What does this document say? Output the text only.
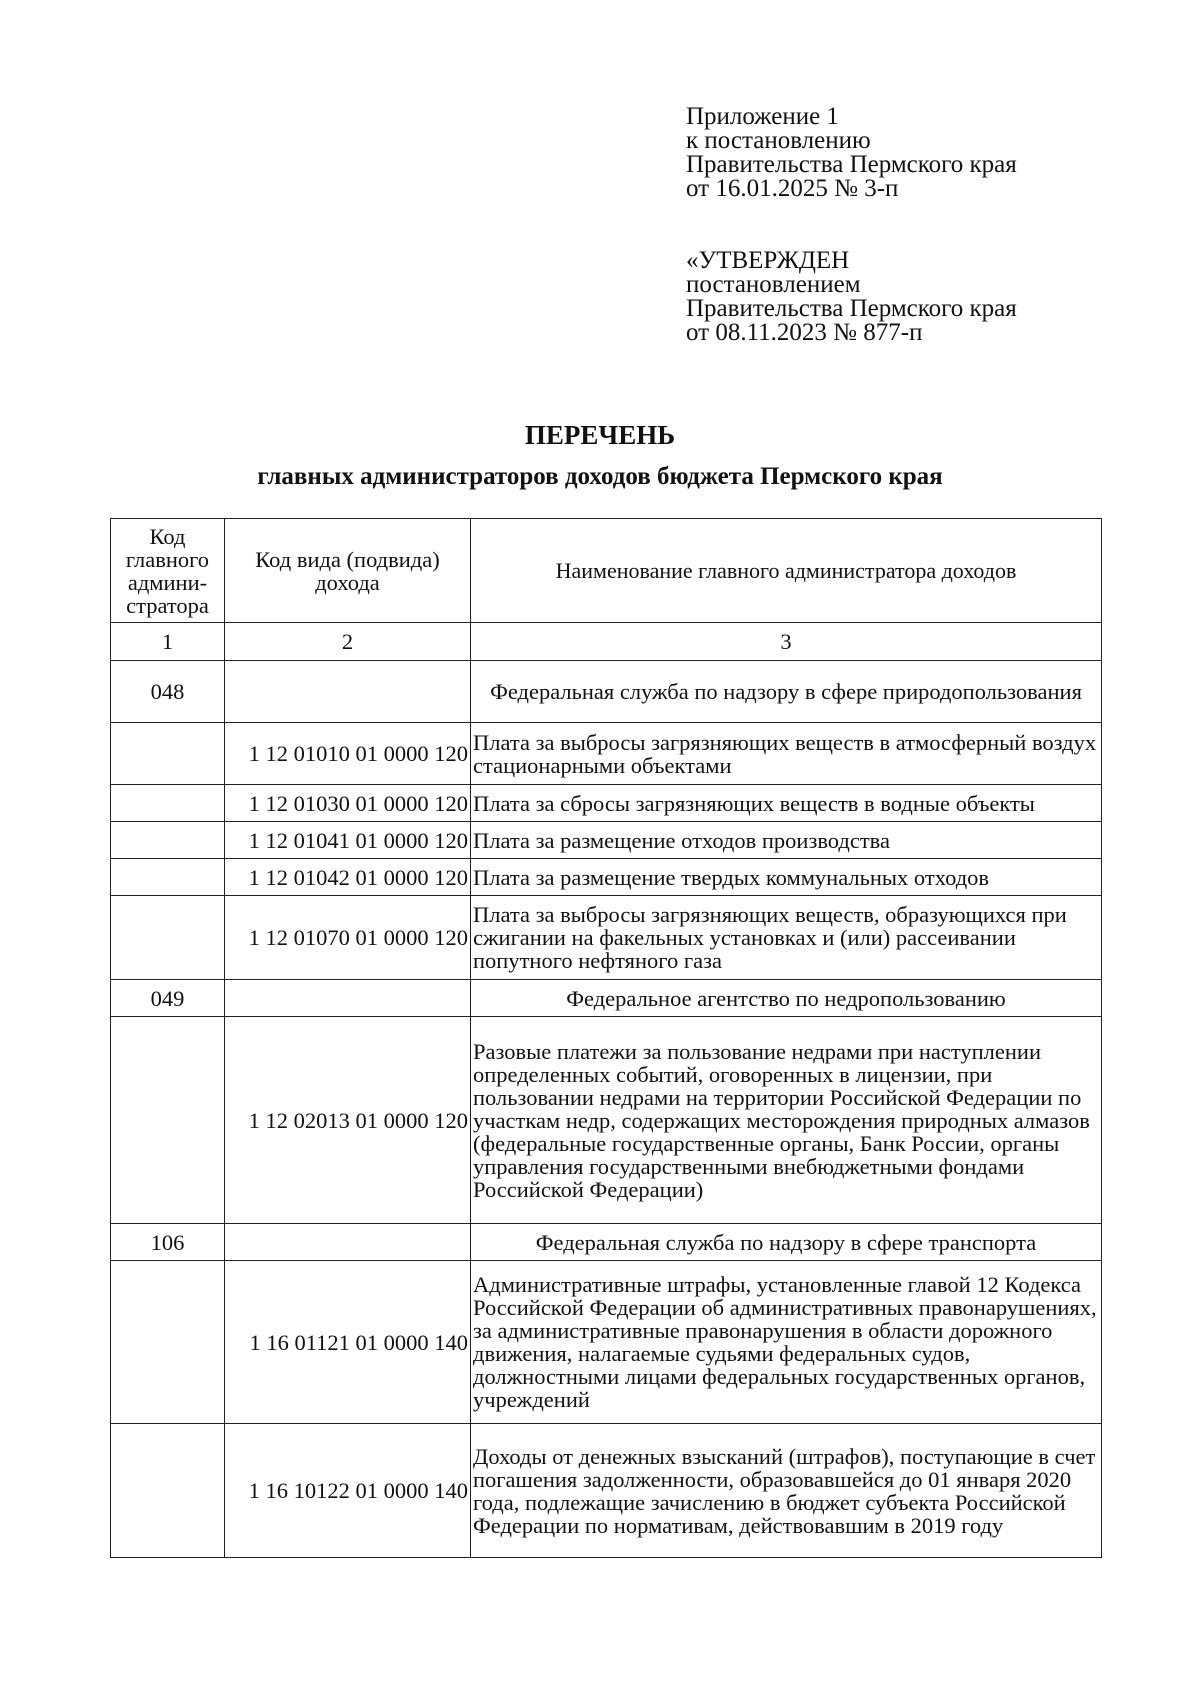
Приложение 1
к постановлению
Правительства Пермского края
от 16.01.2025 № 3-п
«УТВЕРЖДЕН
постановлением
Правительства Пермского края
от 08.11.2023 № 877-п
ПЕРЕЧЕНЬ
главных администраторов доходов бюджета Пермского края
Код главного админи-стратора	Код вида (подвида) дохода	Наименование главного администратора доходов
1	2	3
048		Федеральная служба по надзору в сфере природопользования
	1 12 01010 01 0000 120	Плата за выбросы загрязняющих веществ в атмосферный воздух стационарными объектами
	1 12 01030 01 0000 120	Плата за сбросы загрязняющих веществ в водные объекты
	1 12 01041 01 0000 120	Плата за размещение отходов производства
	1 12 01042 01 0000 120	Плата за размещение твердых коммунальных отходов
	1 12 01070 01 0000 120	Плата за выбросы загрязняющих веществ, образующихся при сжигании на факельных установках и (или) рассеивании попутного нефтяного газа
049		Федеральное агентство по недропользованию
	1 12 02013 01 0000 120	Разовые платежи за пользование недрами при наступлении определенных событий, оговоренных в лицензии, при пользовании недрами на территории Российской Федерации по участкам недр, содержащих месторождения природных алмазов (федеральные государственные органы, Банк России, органы управления государственными внебюджетными фондами Российской Федерации)
106		Федеральная служба по надзору в сфере транспорта
	1 16 01121 01 0000 140	Административные штрафы, установленные главой 12 Кодекса Российской Федерации об административных правонарушениях, за административные правонарушения в области дорожного движения, налагаемые судьями федеральных судов, должностными лицами федеральных государственных органов, учреждений
	1 16 10122 01 0000 140	Доходы от денежных взысканий (штрафов), поступающие в счет погашения задолженности, образовавшейся до 01 января 2020 года, подлежащие зачислению в бюджет субъекта Российской Федерации по нормативам, действовавшим в 2019 году
